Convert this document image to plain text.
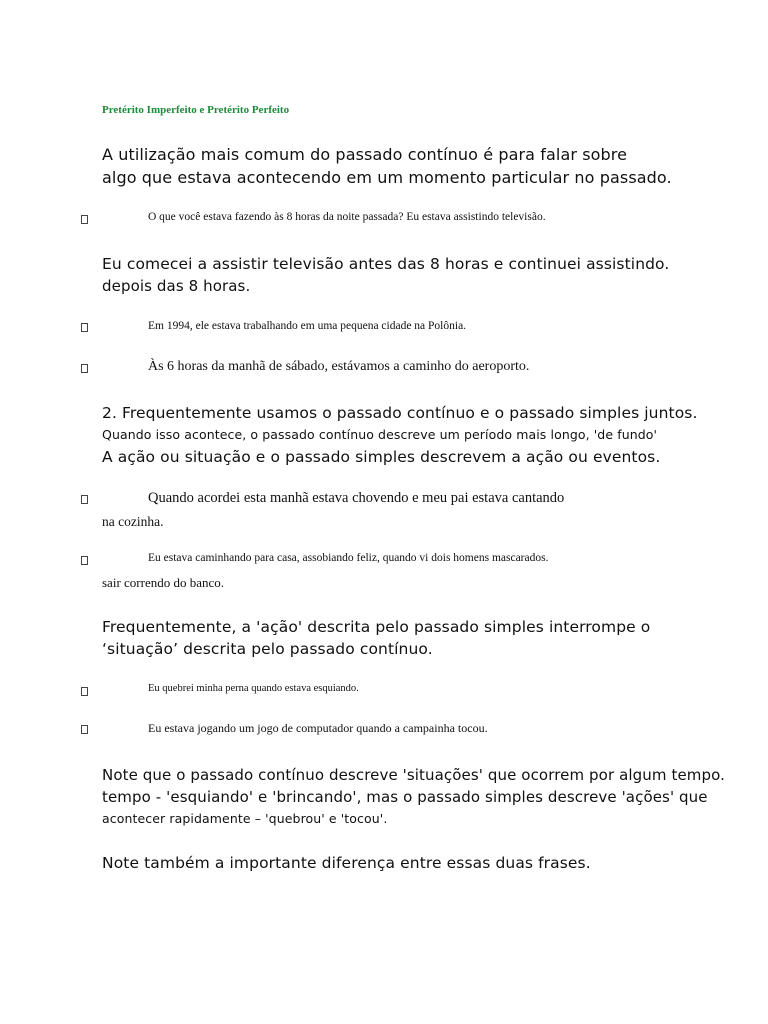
Pretérito Imperfeito e Pretérito Perfeito
A utilização mais comum do passado contínuo é para falar sobre
algo que estava acontecendo em um momento particular no passado.
O que você estava fazendo às 8 horas da noite passada? Eu estava assistindo televisão.
Eu comecei a assistir televisão antes das 8 horas e continuei assistindo.
depois das 8 horas.
Em 1994, ele estava trabalhando em uma pequena cidade na Polônia.
Às 6 horas da manhã de sábado, estávamos a caminho do aeroporto.
2. Frequentemente usamos o passado contínuo e o passado simples juntos.
Quando isso acontece, o passado contínuo descreve um período mais longo, 'de fundo'
A ação ou situação e o passado simples descrevem a ação ou eventos.
Quando acordei esta manhã estava chovendo e meu pai estava cantando
na cozinha.
Eu estava caminhando para casa, assobiando feliz, quando vi dois homens mascarados.
sair correndo do banco.
Frequentemente, a 'ação' descrita pelo passado simples interrompe o
‘situação’ descrita pelo passado contínuo.
Eu quebrei minha perna quando estava esquiando.
Eu estava jogando um jogo de computador quando a campainha tocou.
Note que o passado contínuo descreve 'situações' que ocorrem por algum tempo.
tempo - 'esquiando' e 'brincando', mas o passado simples descreve 'ações' que
acontecer rapidamente – 'quebrou' e 'tocou'.
Note também a importante diferença entre essas duas frases.
